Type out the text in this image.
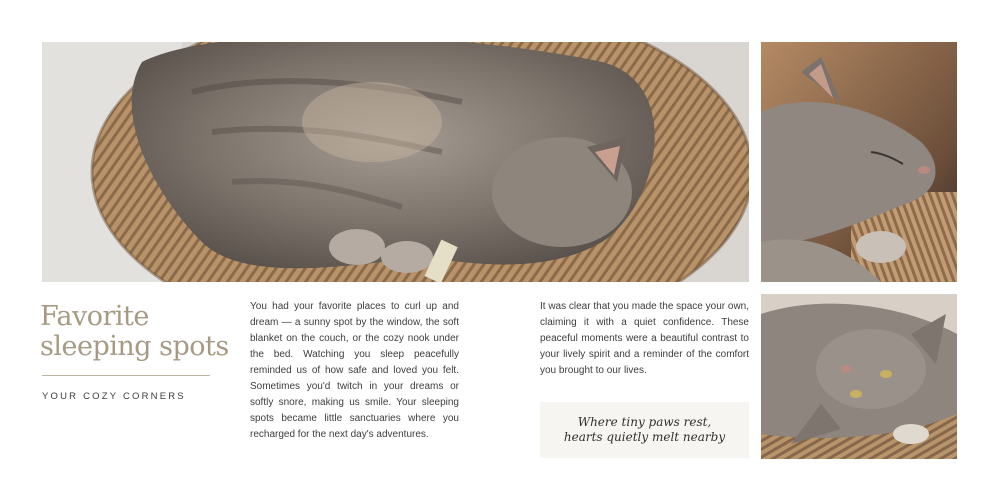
Favorite sleeping spots

YOUR COZY CORNERS

You had your favorite places to curl up and dream — a sunny spot by the window, the soft blanket on the couch, or the cozy nook under the bed. Watching you sleep peacefully reminded us of how safe and loved you felt. Sometimes you'd twitch in your dreams or softly snore, making us smile. Your sleeping spots became little sanctuaries where you recharged for the next day's adventures.

It was clear that you made the space your own, claiming it with a quiet confidence. These peaceful moments were a beautiful contrast to your lively spirit and a reminder of the comfort you brought to our lives.

Where tiny paws rest, hearts quietly melt nearby
